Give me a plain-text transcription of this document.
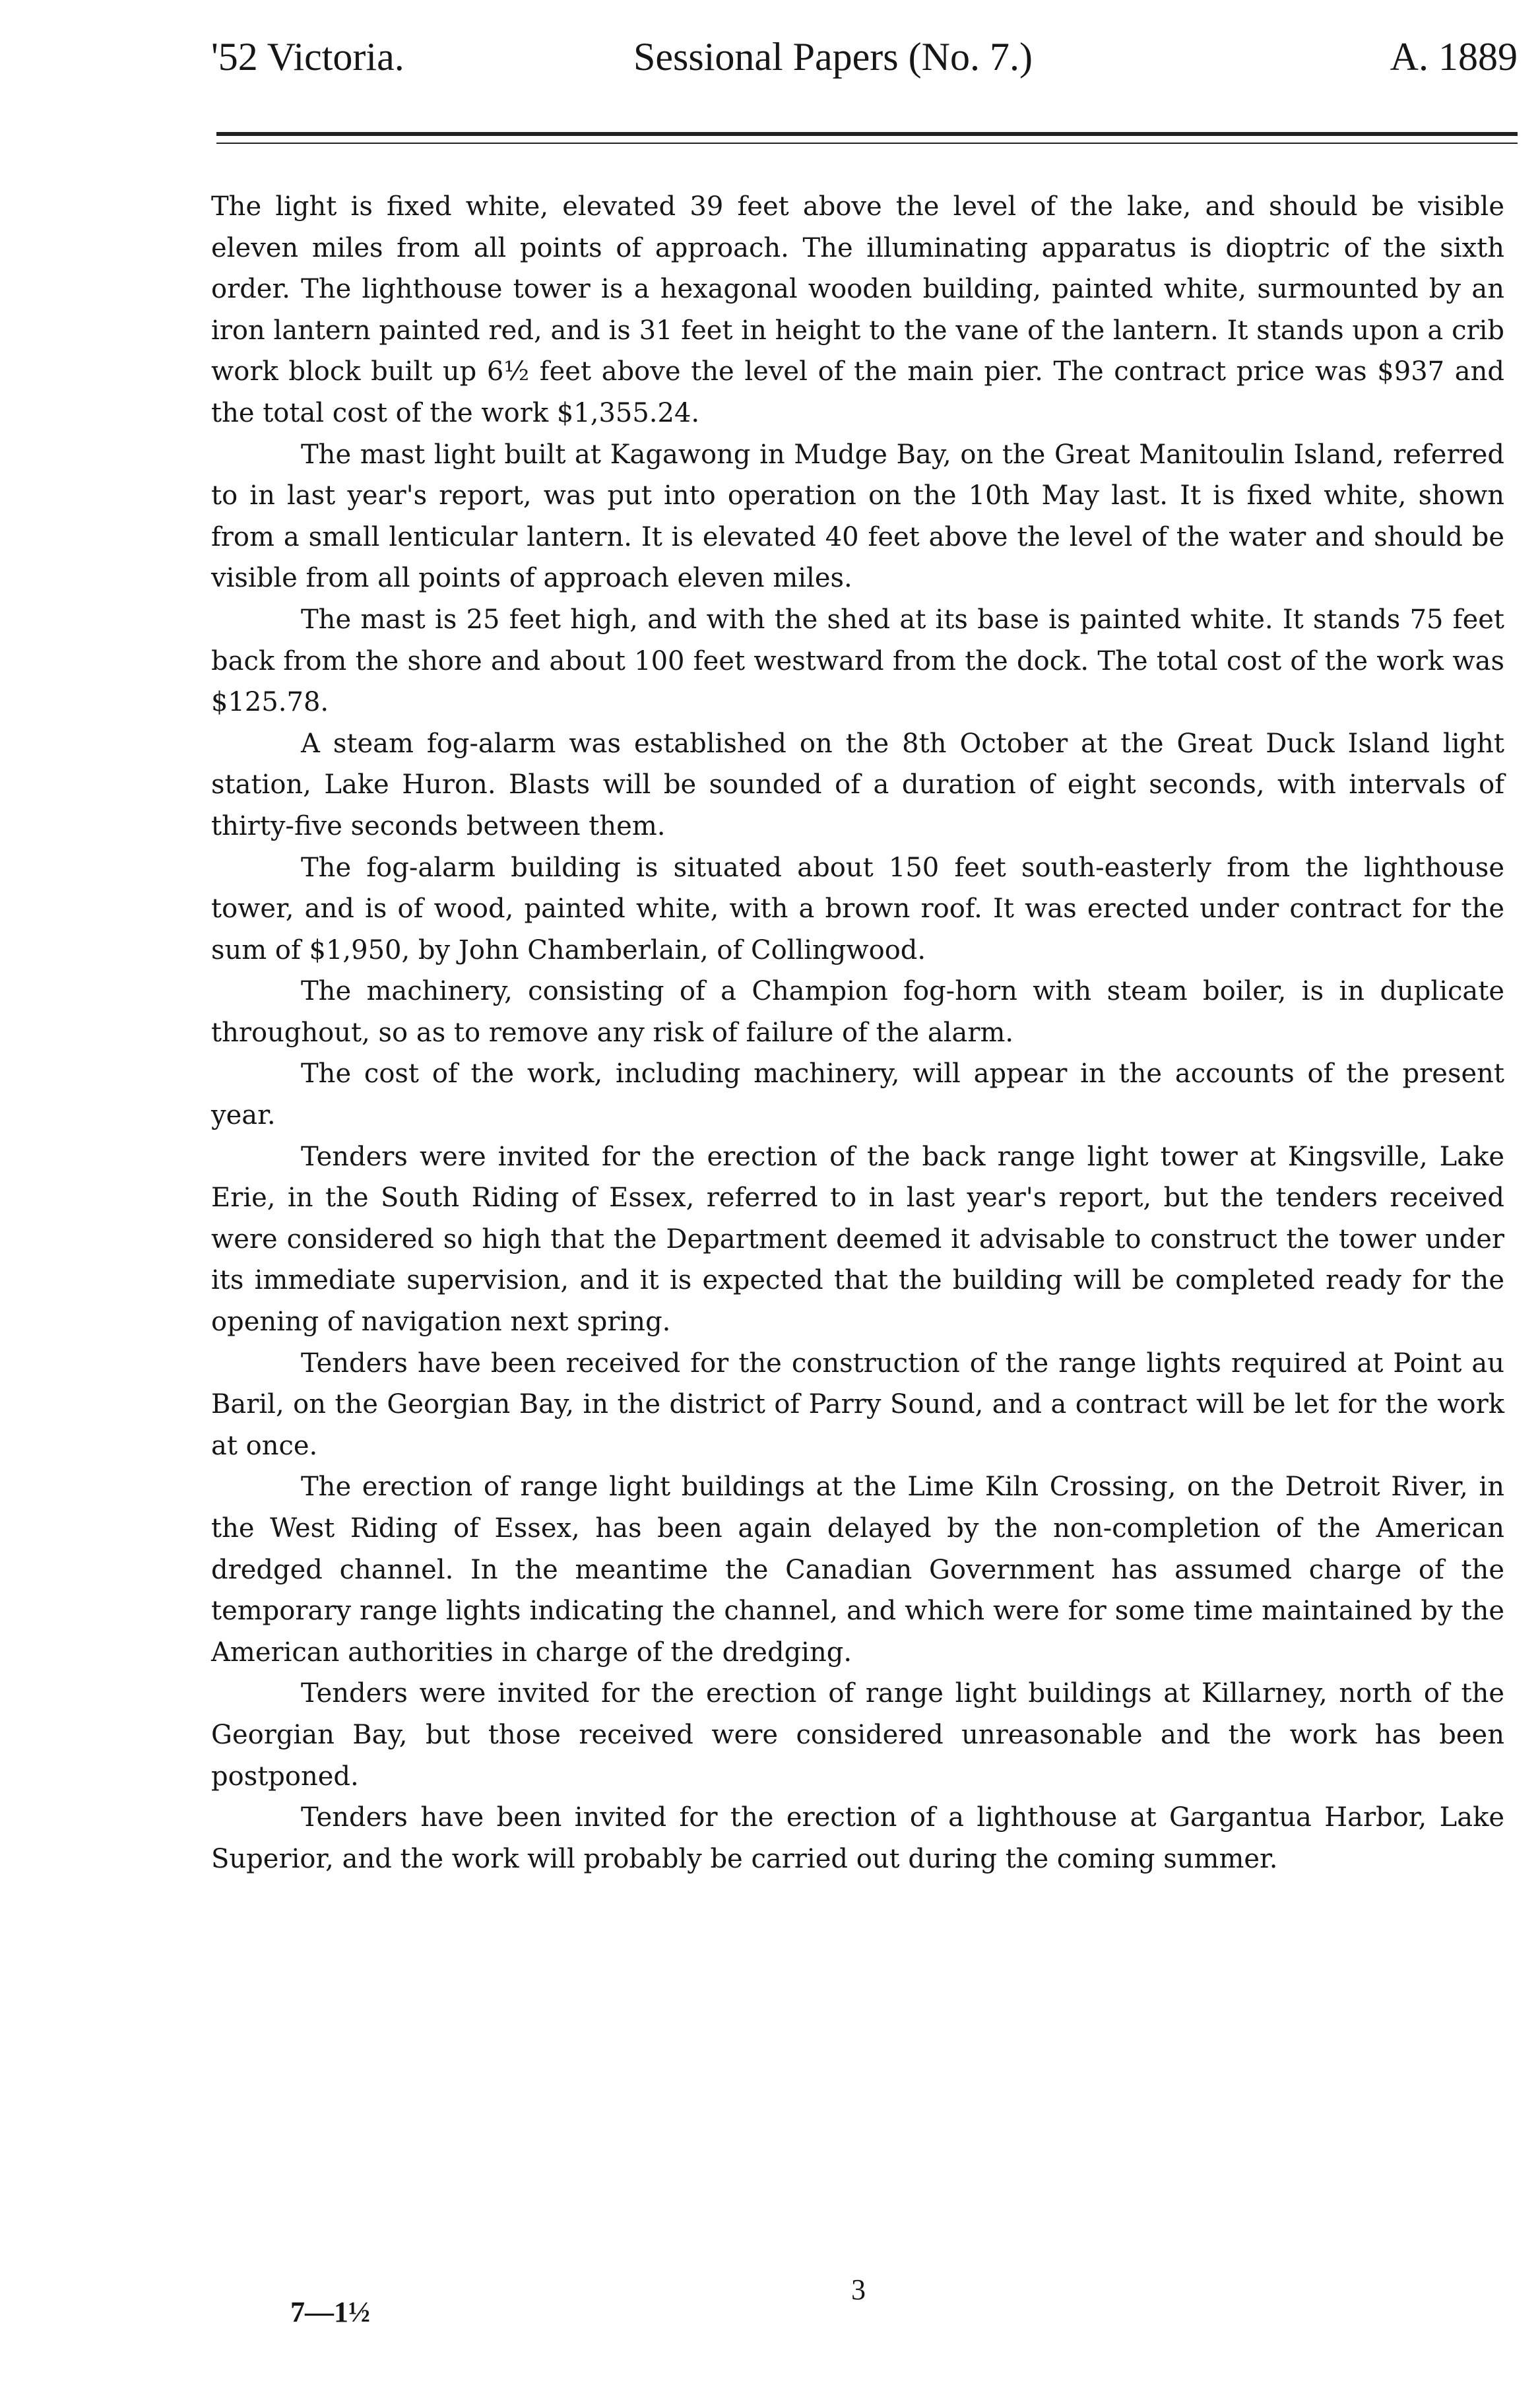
'52 Victoria.	Sessional Papers (No. 7.)	A. 1889

The light is fixed white, elevated 39 feet above the level of the lake, and should be visible eleven miles from all points of approach. The illuminating apparatus is dioptric of the sixth order. The lighthouse tower is a hexagonal wooden building, painted white, surmounted by an iron lantern painted red, and is 31 feet in height to the vane of the lantern. It stands upon a crib work block built up 6½ feet above the level of the main pier. The contract price was $937 and the total cost of the work $1,355.24.

The mast light built at Kagawong in Mudge Bay, on the Great Manitoulin Island, referred to in last year's report, was put into operation on the 10th May last. It is fixed white, shown from a small lenticular lantern. It is elevated 40 feet above the level of the water and should be visible from all points of approach eleven miles.

The mast is 25 feet high, and with the shed at its base is painted white. It stands 75 feet back from the shore and about 100 feet westward from the dock. The total cost of the work was $125.78.

A steam fog-alarm was established on the 8th October at the Great Duck Island light station, Lake Huron. Blasts will be sounded of a duration of eight seconds, with intervals of thirty-five seconds between them.

The fog-alarm building is situated about 150 feet south-easterly from the lighthouse tower, and is of wood, painted white, with a brown roof. It was erected under contract for the sum of $1,950, by John Chamberlain, of Collingwood.

The machinery, consisting of a Champion fog-horn with steam boiler, is in duplicate throughout, so as to remove any risk of failure of the alarm.

The cost of the work, including machinery, will appear in the accounts of the present year.

Tenders were invited for the erection of the back range light tower at Kingsville, Lake Erie, in the South Riding of Essex, referred to in last year's report, but the tenders received were considered so high that the Department deemed it advisable to construct the tower under its immediate supervision, and it is expected that the building will be completed ready for the opening of navigation next spring.

Tenders have been received for the construction of the range lights required at Point au Baril, on the Georgian Bay, in the district of Parry Sound, and a contract will be let for the work at once.

The erection of range light buildings at the Lime Kiln Crossing, on the Detroit River, in the West Riding of Essex, has been again delayed by the non-completion of the American dredged channel. In the meantime the Canadian Government has assumed charge of the temporary range lights indicating the channel, and which were for some time maintained by the American authorities in charge of the dredging.

Tenders were invited for the erection of range light buildings at Killarney, north of the Georgian Bay, but those received were considered unreasonable and the work has been postponed.

Tenders have been invited for the erection of a lighthouse at Gargantua Harbor, Lake Superior, and the work will probably be carried out during the coming summer.

7—1½
3
